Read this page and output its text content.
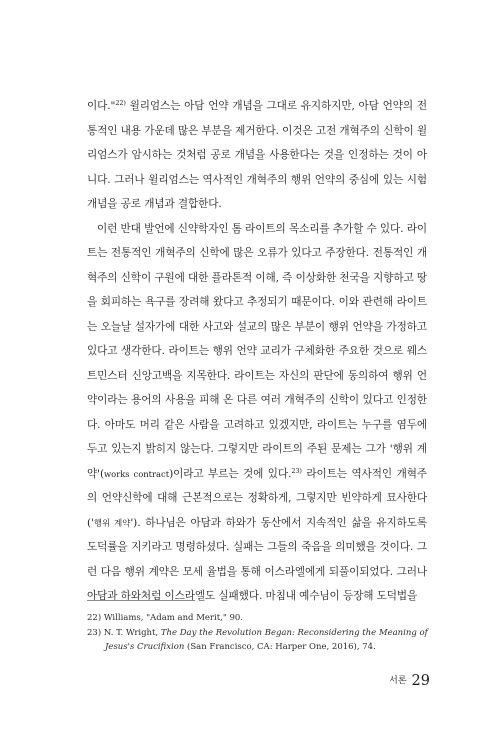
이다."$^{22)}$ 윌리엄스는 아담 언약 개념을 그대로 유지하지만, 아담 언약의 전통적인 내용 가운데 많은 부분을 제거한다. 이것은 고전 개혁주의 신학이 윌리엄스가 암시하는 것처럼 공로 개념을 사용한다는 것을 인정하는 것이 아니다. 그러나 윌리엄스는 역사적인 개혁주의 행위 언약의 중심에 있는 시험 개념을 공로 개념과 결합한다.

이런 반대 발언에 신약학자인 톰 라이트의 목소리를 추가할 수 있다. 라이트는 전통적인 개혁주의 신학에 많은 오류가 있다고 주장한다. 전통적인 개혁주의 신학이 구원에 대한 플라톤적 이해, 즉 이상화한 천국을 지향하고 땅을 회피하는 욕구를 장려해 왔다고 추정되기 때문이다. 이와 관련해 라이트는 오늘날 설자가에 대한 사고와 설교의 많은 부분이 행위 언약을 가정하고 있다고 생각한다. 라이트는 행위 언약 교리가 구체화한 주요한 것으로 웨스트민스터 신앙고백을 지목한다. 라이트는 자신의 판단에 동의하여 행위 언약이라는 용어의 사용을 피해 온 다른 여러 개혁주의 신학이 있다고 인정한다. 아마도 머리 같은 사람을 고려하고 있겠지만, 라이트는 누구를 염두에 두고 있는지 밝히지 않는다. 그렇지만 라이트의 주된 문제는 그가 '행위 계약'(works contract)이라고 부르는 것에 있다.$^{23)}$ 라이트는 역사적인 개혁주의 언약신학에 대해 근본적으로는 정확하게, 그렇지만 빈약하게 묘사한다('행위 계약'). 하나님은 아담과 하와가 동산에서 지속적인 삶을 유지하도록 도덕률을 지키라고 명령하셨다. 실패는 그들의 죽음을 의미했을 것이다. 그런 다음 행위 계약은 모세 율법을 통해 이스라엘에게 되풀이되었다. 그러나 아담과 하와처럼 이스라엘도 실패했다. 마침내 예수님이 등장해 도덕법을

22) Williams, "Adam and Merit," 90.

23) N. T. Wright, The Day the Revolution Began: Reconsidering the Meaning of Jesus's Crucifixion (San Francisco, CA: Harper One, 2016), 74.

서론 29
